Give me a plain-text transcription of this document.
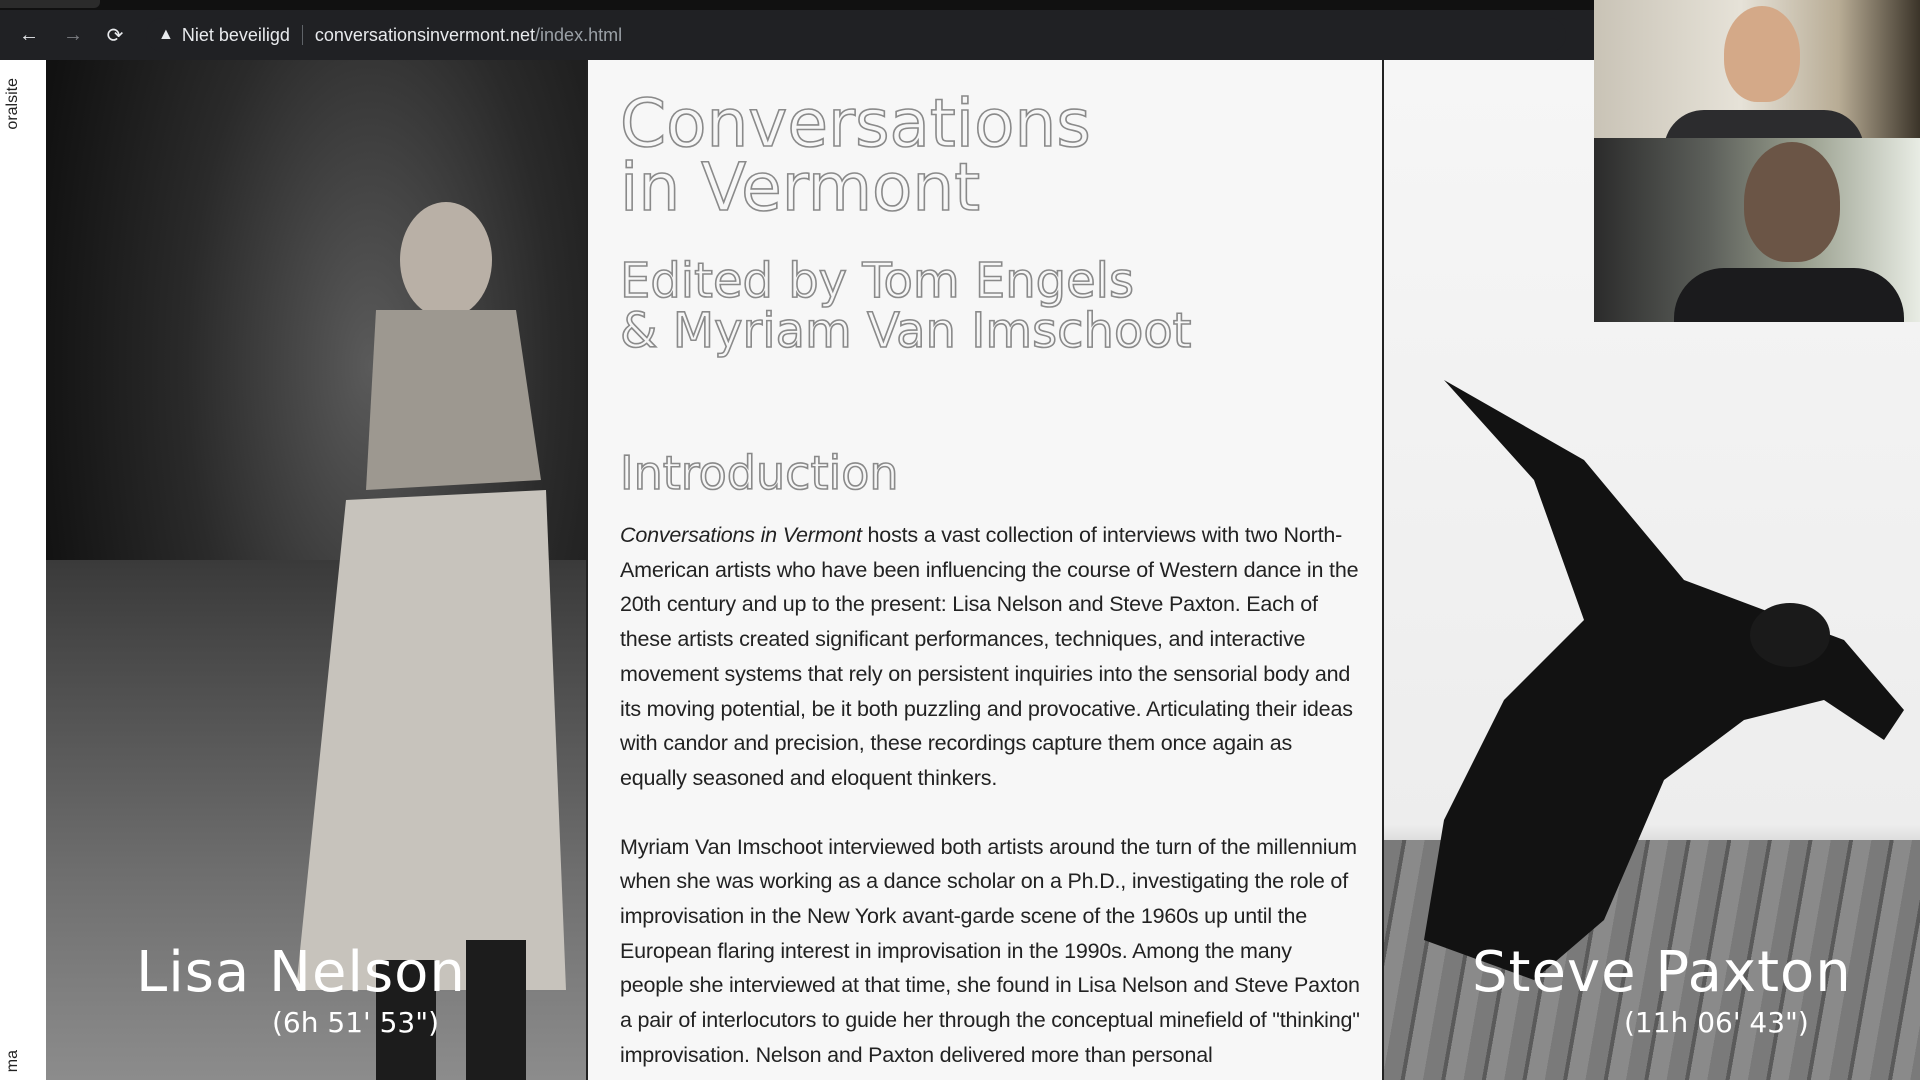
← →	⟳	▲ Niet beveiligd conversationsinvermont.net /index.html
oralsite
ma
Lisa Nelson
(6h 51' 53")
Conversations
in Vermont
Edited by Tom Engels
& Myriam Van Imschoot
Introduction

Conversations in Vermont hosts a vast collection of interviews with two North-American artists who have been influencing the course of Western dance in the 20th century and up to the present: Lisa Nelson and Steve Paxton. Each of these artists created significant performances, techniques, and interactive movement systems that rely on persistent inquiries into the sensorial body and its moving potential, be it both puzzling and provocative. Articulating their ideas with candor and precision, these recordings capture them once again as equally seasoned and eloquent thinkers.

Myriam Van Imschoot interviewed both artists around the turn of the millennium when she was working as a dance scholar on a Ph.D., investigating the role of improvisation in the New York avant-garde scene of the 1960s up until the European flaring interest in improvisation in the 1990s. Among the many people she interviewed at that time, she found in Lisa Nelson and Steve Paxton a pair of interlocutors to guide her through the conceptual minefield of "thinking" improvisation. Nelson and Paxton delivered more than personal

Steve Paxton
(11h 06' 43")
